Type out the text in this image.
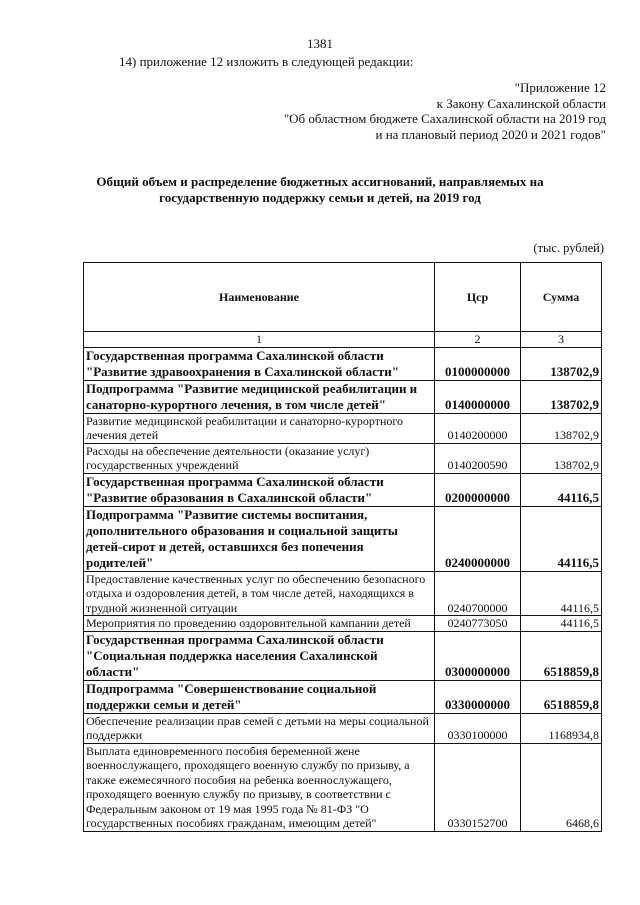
1381
14) приложение 12 изложить в следующей редакции:
"Приложение 12
к Закону Сахалинской области
"Об областном бюджете Сахалинской области на 2019 год
и на плановый период 2020 и 2021 годов"
Общий объем и распределение бюджетных ассигнований, направляемых на
государственную поддержку семьи и детей, на 2019 год
(тыс. рублей)
Наименование	Цср	Сумма
1	2	3
Государственная программа Сахалинской области "Развитие здравоохранения в Сахалинской области"	0100000000	138702,9
Подпрограмма "Развитие медицинской реабилитации и санаторно-курортного лечения, в том числе детей"	0140000000	138702,9
Развитие медицинской реабилитации и санаторно-курортного лечения детей	0140200000	138702,9
Расходы на обеспечение деятельности (оказание услуг) государственных учреждений	0140200590	138702,9
Государственная программа Сахалинской области "Развитие образования в Сахалинской области"	0200000000	44116,5
Подпрограмма "Развитие системы воспитания, дополнительного образования и социальной защиты детей-сирот и детей, оставшихся без попечения родителей"	0240000000	44116,5
Предоставление качественных услуг по обеспечению безопасного отдыха и оздоровления детей, в том числе детей, находящихся в трудной жизненной ситуации	0240700000	44116,5
Мероприятия по проведению оздоровительной кампании детей	0240773050	44116,5
Государственная программа Сахалинской области "Социальная поддержка населения Сахалинской области"	0300000000	6518859,8
Подпрограмма "Совершенствование социальной поддержки семьи и детей"	0330000000	6518859,8
Обеспечение реализации прав семей с детьми на меры социальной поддержки	0330100000	1168934,8
Выплата единовременного пособия беременной жене военнослужащего, проходящего военную службу по призыву, а также ежемесячного пособия на ребенка военнослужащего, проходящего военную службу по призыву, в соответствии с Федеральным законом от 19 мая 1995 года № 81-ФЗ "О государственных пособиях гражданам, имеющим детей"	0330152700	6468,6
